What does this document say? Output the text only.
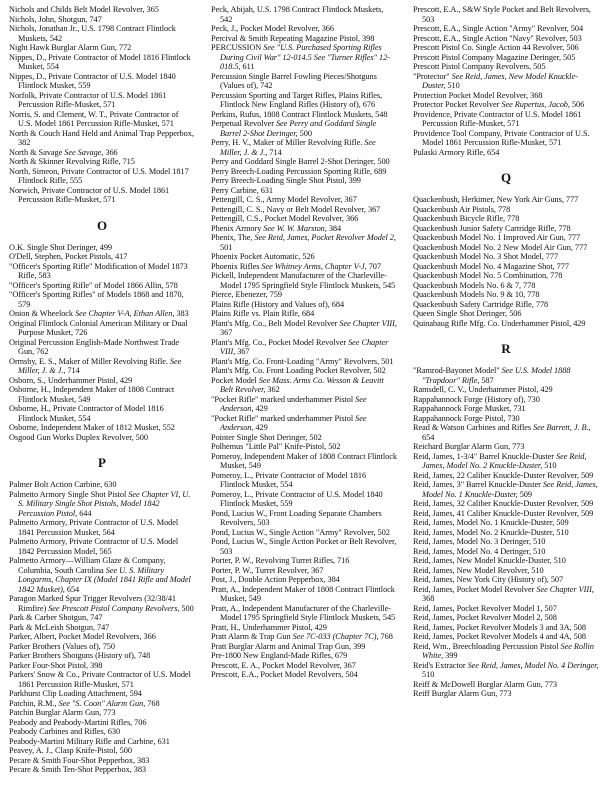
Nichols and Childs Belt Model Revolver, 365

Nichols, John, Shotgun, 747

Nichols, Jonathan Jr., U.S. 1798 Contract Flintlock Muskets, 542

Night Hawk Burglar Alarm Gun, 772

Nippes, D., Private Contractor of Model 1816 Flintlock Musket, 554

Nippes, D., Private Contractor of U.S. Model 1840 Flintlock Musket, 559

Norfolk, Private Contractor of U.S. Model 1861 Percussion Rifle-Musket, 571

Norris, S. and Clement, W. T., Private Contractor of U.S. Model 1861 Percussion Rifle-Musket, 571

North & Couch Hand Held and Animal Trap Pepperbox, 382

North & Savage See Savage, 366

North & Skinner Revolving Rifle, 715

North, Simeon, Private Contractor of U.S. Model 1817 Flintlock Rifle, 555

Norwich, Private Contractor of U.S. Model 1861 Percussion Rifle-Musket, 571

O

O.K. Single Shot Deringer, 499

O'Dell, Stephen, Pocket Pistols, 417

"Officer's Sporting Rifle" Modification of Model 1873 Rifle, 583

"Officer's Sporting Rifle" of Model 1866 Allin, 578

"Officer's Sporting Rifles" of Models 1868 and 1870, 579

Onion & Wheelock See Chapter V-A, Ethan Allen, 383

Original Flintlock Colonial American Military or Dual Purpose Musket, 726

Original Percussion English-Made Northwest Trade Gun, 762

Ormsby, E. S., Maker of Miller Revolving Rifle. See Miller, J. & J., 714

Osborn, S., Underhammer Pistol, 429

Osborne, H., Independent Maker of 1808 Contract Flintlock Musket, 549

Osborne, H., Private Contractor of Model 1816 Flintlock Musket, 554

Osborne, Independent Maker of 1812 Musket, 552

Osgood Gun Works Duplex Revolver, 500

P

Palmer Bolt Action Carbine, 630

Palmetto Armory Single Shot Pistol See Chapter VI, U. S. Military Single Shot Pistols, Model 1842 Percussion Pistol, 644

Palmetto Armory, Private Contractor of U.S. Model 1841 Percussion Musket, 564

Palmetto Armory, Private Contractor of U.S. Model 1842 Percussion Model, 565

Palmetto Armory—William Glaze & Company, Columbia, South Carolina See U. S. Military Longarms, Chapter IX (Model 1841 Rifle and Model 1842 Musket), 654

Paragon Marked Spur Trigger Revolvers (32/38/41 Rimfire) See Prescott Pistol Company Revolvers, 500

Park & Carber Shotgun, 747

Park & McLeish Shotgun, 747

Parker, Albert, Pocket Model Revolvers, 366

Parker Brothers (Values of), 750

Parker Brothers Shotguns (History of), 748

Parker Four-Shot Pistol, 398

Parkers' Snow & Co., Private Contractor of U.S. Model 1861 Percussion Rifle-Musket, 571

Parkhurst Clip Loading Attachment, 594

Patchin, R.M., See "S. Coon" Alarm Gun, 768

Patchin Burglar Alarm Gun, 773

Peabody and Peabody-Martini Rifles, 706

Peabody Carbines and Rifles, 630

Peabody-Martini Military Rifle and Carbine, 631

Peavey, A. J., Clasp Knife-Pistol, 500

Pecare & Smith Four-Shot Pepperbox, 383

Pecare & Smith Ten-Shot Pepperbox, 383

Peck, Abijah, U.S. 1798 Contract Flintlock Muskets, 542

Peck, J., Pocket Model Revolver, 366

Percival & Smith Repeating Magazine Pistol, 398

PERCUSSION See "U.S. Purchased Sporting Rifles During Civil War" 12-014.5 See "Turner Rifles" 12-018.5, 611

Percussion Single Barrel Fowling Pieces/Shotguns (Values of), 742

Percussion Sporting and Target Rifles, Plains Rifles, Flintlock New England Rifles (History of), 676

Perkins, Rufus, 1808 Contract Flintlock Muskets, 548

Perpetual Revolver See Perry and Goddard Single Barrel 2-Shot Deringer, 500

Perry, H. V., Maker of Miller Revolving Rifle. See Miller, J. & J., 714

Perry and Goddard Single Barrel 2-Shot Deringer, 500

Perry Breech-Loading Percussion Sporting Rifle, 689

Perry Breech-Loading Single Shot Pistol, 399

Perry Carbine, 631

Pettengill, C. S., Army Model Revolver, 367

Pettengill, C. S., Navy or Belt Model Revolver, 367

Pettengill, C.S., Pocket Model Revolver, 366

Phenix Armory See W. W. Marston, 384

Phenix, The, See Reid, James, Pocket Revolver Model 2, 501

Phoenix Pocket Automatic, 526

Phoenix Rifles See Whitney Arms, Chapter V-J, 707

Pickell, Independent Manufacturer of the Charleville-Model 1795 Springfield Style Flintlock Muskets, 545

Pierce, Ebenezer, 759

Plains Rifle (History and Values of), 684

Plains Rifle vs. Plain Rifle, 684

Plant's Mfg. Co., Belt Model Revolver See Chapter VIII, 367

Plant's Mfg. Co., Pocket Model Revolver See Chapter VIII, 367

Plant's Mfg. Co. Front-Loading "Army" Revolvers, 501

Plant's Mfg. Co. Front Loading Pocket Revolver, 502

Pocket Model See Mass. Arms Co. Wesson & Leavitt Belt Revolver, 362

"Pocket Rifle" marked underhammer Pistol See Anderson, 429

"Pocket Rifle" marked underhammer Pistol See Anderson, 429

Pointer Single Shot Deringer, 502

Polhemus "Little Pal" Knife-Pistol, 502

Pomeroy, Independent Maker of 1808 Contract Flintlock Musket, 549

Pomeroy, L., Private Contractor of Model 1816 Flintlock Musket, 554

Pomeroy, L., Private Contractor of U.S. Model 1840 Flintlock Musket, 559

Pond, Lucius W., Front Loading Separate Chambers Revolvers, 503

Pond, Lucius W., Single Action "Army" Revolver, 502

Pond, Lucius W., Single Action Pocket or Belt Revolver, 503

Porter, P. W., Revolving Turret Rifles, 716

Porter, P. W., Turret Revolver, 367

Post, J., Double Action Pepperbox, 384

Pratt, A., Independent Maker of 1808 Contract Flintlock Musket, 549

Pratt, A., Independent Manufacturer of the Charleville-Model 1795 Springfield Style Flintlock Muskets, 545

Pratt, H., Underhammer Pistol, 429

Pratt Alarm & Trap Gun See 7C-033 (Chapter 7C), 768

Pratt Burglar Alarm and Animal Trap Gun, 399

Pre-1800 New England-Made Rifles, 679

Prescott, E. A., Pocket Model Revolver, 367

Prescott, E.A., Pocket Model Revolvers, 504

Prescott, E.A., S&W Style Pocket and Belt Revolvers, 503

Prescott, E.A., Single Action "Army" Revolver, 504

Prescott, E.A., Single Action "Navy" Revolver, 503

Prescott Pistol Co. Single Action 44 Revolver, 506

Prescott Pistol Company Magazine Deringer, 505

Prescott Pistol Company Revolvers, 505

"Protector" See Reid, James, New Model Knuckle-Duster, 510

Protection Pocket Model Revolver, 368

Protector Pocket Revolver See Rupertus, Jacob, 506

Providence, Private Contractor of U.S. Model 1861 Percussion Rifle-Musket, 571

Providence Tool Company, Private Contractor of U.S. Model 1861 Percussion Rifle-Musket, 571

Pulaski Armory Rifle, 654

Q

Quackenbush, Herkimer, New York Air Guns, 777

Quackenbush Air Pistols, 778

Quackenbush Bicycle Rifle, 778

Quackenbush Junior Safety Cartridge Rifle, 778

Quackenbush Model No. 1 Improved Air Gun, 777

Quackenbush Model No. 2 New Model Air Gun, 777

Quackenbush Model No. 3 Shot Model, 777

Quackenbush Model No. 4 Magazine Shot, 777

Quackenbush Model No. 5 Combination, 778

Quackenbush Models No. 6 & 7, 778

Quackenbush Models No. 9 & 10, 778

Quackenbush Safety Cartridge Rifle, 778

Queen Single Shot Deringer, 506

Quinabaug Rifle Mfg. Co. Underhammer Pistol, 429

R

"Ramrod-Bayonet Model" See U.S. Model 1888 "Trapdoor" Rifle, 587

Ramsdell, C. V., Underhammer Pistol, 429

Rappahannock Forge (History of), 730

Rappahannock Forge Musket, 731

Rappahannock Forge Pistol, 730

Read & Watson Carbines and Rifles See Barrett, J. B., 654

Reichard Burglar Alarm Gun, 773

Reid, James, 1-3/4" Barrel Knuckle-Duster See Reid, James, Model No. 2 Knuckle-Duster, 510

Reid, James, 22 Caliber Knuckle-Duster Revolver, 509

Reid, James, 3" Barrel Knuckle-Duster See Reid, James, Model No. 1 Knuckle-Duster, 509

Reid, James, 32 Caliber Knuckle-Duster Revolver, 509

Reid, James, 41 Caliber Knuckle-Duster Revolver, 509

Reid, James, Model No. 1 Knuckle-Duster, 509

Reid, James, Model No. 2 Knuckle-Duster, 510

Reid, James, Model No. 3 Deringer, 510

Reid, James, Model No. 4 Deringer, 510

Reid, James, New Model Knuckle-Duster, 510

Reid, James, New Model Revolver, 510

Reid, James, New York City (History of), 507

Reid, James, Pocket Model Revolver See Chapter VIII, 368

Reid, James, Pocket Revolver Model 1, 507

Reid, James, Pocket Revolver Model 2, 508

Reid, James, Pocket Revolver Models 3 and 3A, 508

Reid, James, Pocket Revolver Models 4 and 4A, 508

Reid, Wm., Breechloading Percussion Pistol See Rollin White, 399

Reid's Extractor See Reid, James, Model No. 4 Deringer, 510

Reiff & McDowell Burglar Alarm Gun, 773

Reiff Burglar Alarm Gun, 773
